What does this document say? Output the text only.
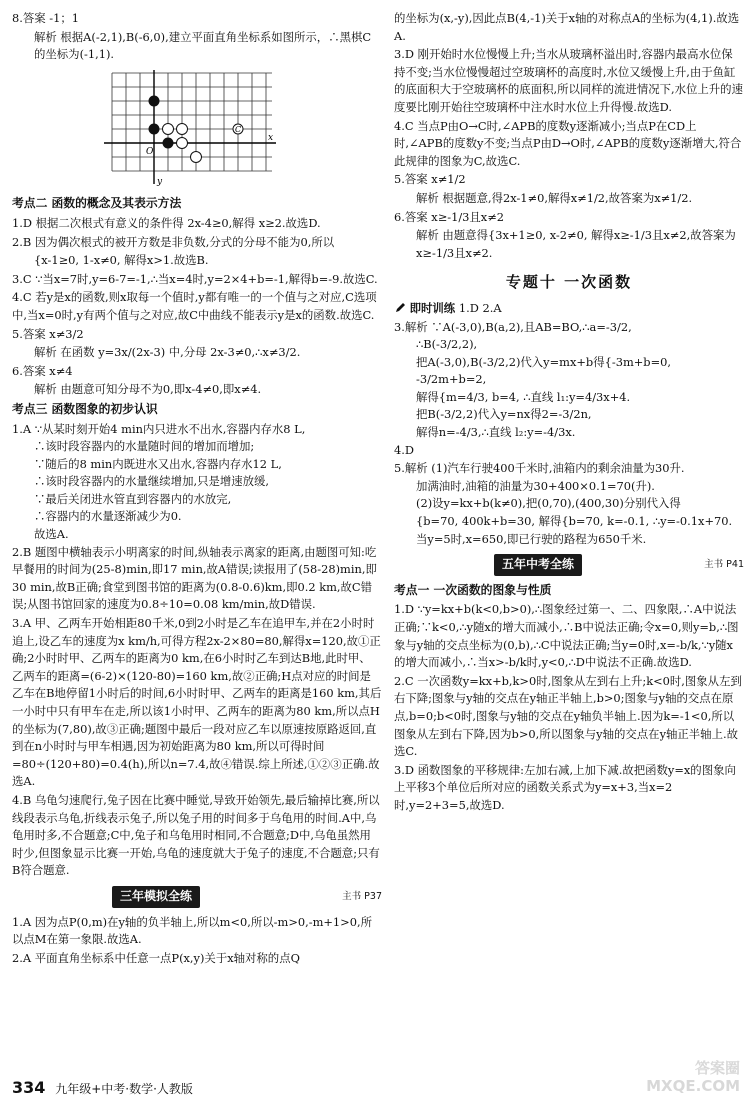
8.答案 -1；1

解析 根据A(-2,1),B(-6,0),建立平面直角坐标系如图所示，∴黑棋C的坐标为(-1,1).

O
x
y
C

考点二 函数的概念及其表示方法

1.D 根据二次根式有意义的条件得 2x-4≥0,解得 x≥2.故选D.

2.B 因为偶次根式的被开方数是非负数,分式的分母不能为0,所以

{x-1≥0, 1-x≠0, 解得x>1.故选B.

3.C ∵当x=7时,y=6-7=-1,∴当x=4时,y=2×4+b=-1,解得b=-9.故选C.

4.C 若y是x的函数,则x取每一个值时,y都有唯一的一个值与之对应,C选项中,当x=0时,y有两个值与之对应,故C中曲线不能表示y是x的函数.故选C.

5.答案 x≠3/2

解析 在函数 y=3x/(2x-3) 中,分母 2x-3≠0,∴x≠3/2.

6.答案 x≠4

解析 由题意可知分母不为0,即x-4≠0,即x≠4.

考点三 函数图象的初步认识

1.A ∵从某时刻开始4 min内只进水不出水,容器内存水8 L,

∴该时段容器内的水量随时间的增加而增加;

∵随后的8 min内既进水又出水,容器内存水12 L,

∴该时段容器内的水量继续增加,只是增速放缓,

∵最后关闭进水管直到容器内的水放完,

∴容器内的水量逐渐减少为0.

故选A.

2.B 题图中横轴表示小明离家的时间,纵轴表示离家的距离,由题图可知:吃早餐用的时间为(25-8)min,即17 min,故A错误;读报用了(58-28)min,即30 min,故B正确;食堂到图书馆的距离为(0.8-0.6)km,即0.2 km,故C错误;从图书馆回家的速度为0.8÷10=0.08 km/min,故D错误.

3.A 甲、乙两车开始相距80千米,0到2小时是乙车在追甲车,并在2小时时追上,设乙车的速度为x km/h,可得方程2x-2×80=80,解得x=120,故①正确;2小时时甲、乙两车的距离为0 km,在6小时时乙车到达B地,此时甲、乙两车的距离=(6-2)×(120-80)=160 km,故②正确;H点对应的时间是乙车在B地停留1小时后的时间,6小时时甲、乙两车的距离是160 km,其后一小时中只有甲车在走,所以该1小时甲、乙两车的距离为80 km,所以点H的坐标为(7,80),故③正确;题图中最后一段对应乙车以原速按原路返回,直到在n小时时与甲车相遇,因为初始距离为80 km,所以可得时间=80÷(120+80)=0.4(h),所以n=7.4,故④错误.综上所述,①②③正确.故选A.

4.B 乌龟匀速爬行,兔子因在比赛中睡觉,导致开始领先,最后输掉比赛,所以线段表示乌龟,折线表示兔子,所以兔子用的时间多于乌龟用的时间.A中,乌龟用时多,不合题意;C中,兔子和乌龟用时相同,不合题意;D中,乌龟虽然用时少,但图象显示比赛一开始,乌龟的速度就大于兔子的速度,不合题意;只有B符合题意.

三年模拟全练	主书 P37

1.A 因为点P(0,m)在y轴的负半轴上,所以m<0,所以-m>0,-m+1>0,所以点M在第一象限.故选A.

2.A 平面直角坐标系中任意一点P(x,y)关于x轴对称的点Q

的坐标为(x,-y),因此点B(4,-1)关于x轴的对称点A的坐标为(4,1).故选A.

3.D 刚开始时水位慢慢上升;当水从玻璃杯溢出时,容器内最高水位保持不变;当水位慢慢超过空玻璃杯的高度时,水位又缓慢上升,由于鱼缸的底面积大于空玻璃杯的底面积,所以同样的流进情况下,水位上升的速度要比刚开始往空玻璃杯中注水时水位上升得慢.故选D.

4.C 当点P由O→C时,∠APB的度数y逐渐减小;当点P在CD上时,∠APB的度数y不变;当点P由D→O时,∠APB的度数y逐渐增大,符合此规律的图象为C,故选C.

5.答案 x≠1/2

解析 根据题意,得2x-1≠0,解得x≠1/2,故答案为x≠1/2.

6.答案 x≥-1/3且x≠2

解析 由题意得{3x+1≥0, x-2≠0, 解得x≥-1/3且x≠2,故答案为x≥-1/3且x≠2.

专题十 一次函数

即时训练 1.D 2.A

3.解析 ∵A(-3,0),B(a,2),且AB=BO,∴a=-3/2,

∴B(-3/2,2),

把A(-3,0),B(-3/2,2)代入y=mx+b得{-3m+b=0, -3/2m+b=2,

解得{m=4/3, b=4, ∴直线 l₁:y=4/3x+4.

把B(-3/2,2)代入y=nx得2=-3/2n,

解得n=-4/3,∴直线 l₂:y=-4/3x.

4.D

5.解析 (1)汽车行驶400千米时,油箱内的剩余油量为30升.

加满油时,油箱的油量为30+400×0.1=70(升).

(2)设y=kx+b(k≠0),把(0,70),(400,30)分别代入得

{b=70, 400k+b=30, 解得{b=70, k=-0.1, ∴y=-0.1x+70.

当y=5时,x=650,即已行驶的路程为650千米.

五年中考全练	主书 P41

考点一 一次函数的图象与性质

1.D ∵y=kx+b(k<0,b>0),∴图象经过第一、二、四象限,∴A中说法正确;∵k<0,∴y随x的增大而减小,∴B中说法正确;令x=0,则y=b,∴图象与y轴的交点坐标为(0,b),∴C中说法正确;当y=0时,x=-b/k,∵y随x的增大而减小,∴当x>-b/k时,y<0,∴D中说法不正确.故选D.

2.C 一次函数y=kx+b,k>0时,图象从左到右上升;k<0时,图象从左到右下降;图象与y轴的交点在y轴正半轴上,b>0;图象与y轴的交点在原点,b=0;b<0时,图象与y轴的交点在y轴负半轴上.因为k=-1<0,所以图象从左到右下降,因为b>0,所以图象与y轴的交点在y轴正半轴上.故选C.

3.D 函数图象的平移规律:左加右减,上加下减.故把函数y=x的图象向上平移3个单位后所对应的函数关系式为y=x+3,当x=2时,y=2+3=5,故选D.

334 九年级+中考·数学·人教版
答案圈
MXQE.COM
